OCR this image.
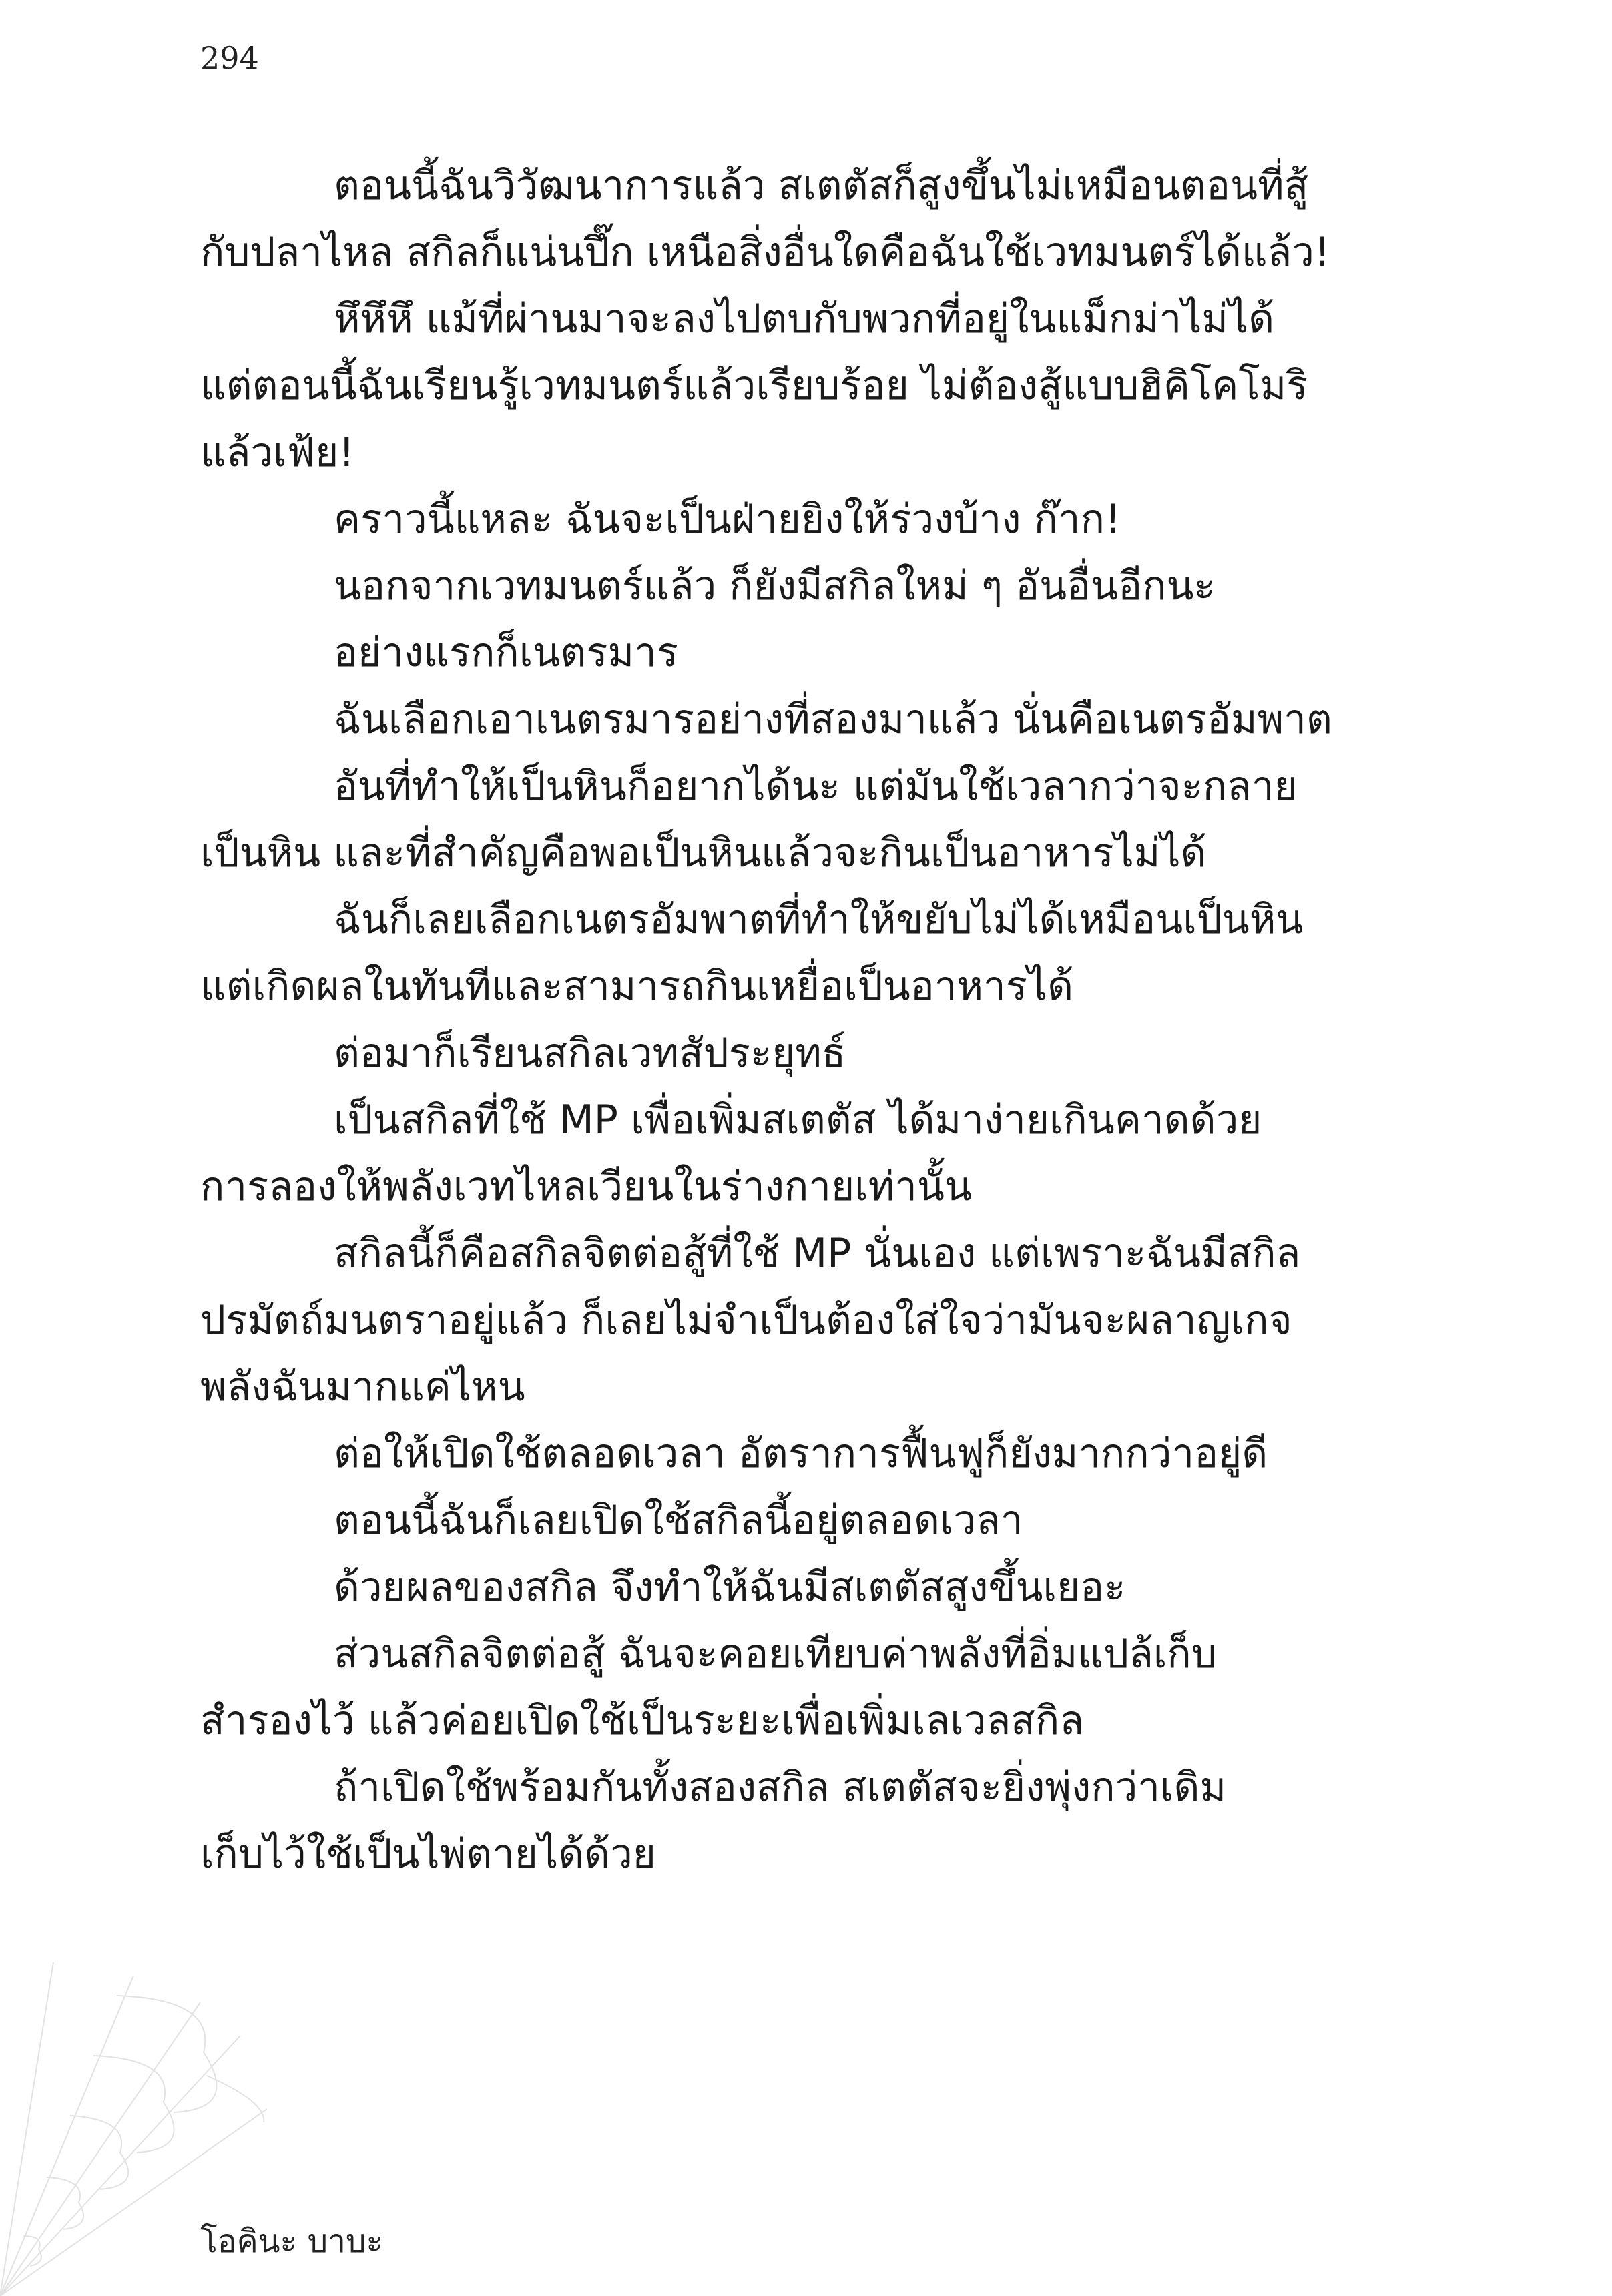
294
ตอนนี้ฉันวิวัฒนาการแล้ว สเตตัสก็สูงขึ้นไม่เหมือนตอนที่สู้
กับปลาไหล สกิลก็แน่นปึ๊ก เหนือสิ่งอื่นใดคือฉันใช้เวทมนตร์ได้แล้ว!
หึหึหึ แม้ที่ผ่านมาจะลงไปตบกับพวกที่อยู่ในแม็กม่าไม่ได้
แต่ตอนนี้ฉันเรียนรู้เวทมนตร์แล้วเรียบร้อย ไม่ต้องสู้แบบฮิคิโคโมริ
แล้วเฟ้ย!
คราวนี้แหละ ฉันจะเป็นฝ่ายยิงให้ร่วงบ้าง ก๊าก!
นอกจากเวทมนตร์แล้ว ก็ยังมีสกิลใหม่ ๆ อันอื่นอีกนะ
อย่างแรกก็เนตรมาร
ฉันเลือกเอาเนตรมารอย่างที่สองมาแล้ว นั่นคือเนตรอัมพาต
อันที่ทำให้เป็นหินก็อยากได้นะ แต่มันใช้เวลากว่าจะกลาย
เป็นหิน และที่สำคัญคือพอเป็นหินแล้วจะกินเป็นอาหารไม่ได้
ฉันก็เลยเลือกเนตรอัมพาตที่ทำให้ขยับไม่ได้เหมือนเป็นหิน
แต่เกิดผลในทันทีและสามารถกินเหยื่อเป็นอาหารได้
ต่อมาก็เรียนสกิลเวทสัประยุทธ์
เป็นสกิลที่ใช้ MP เพื่อเพิ่มสเตตัส ได้มาง่ายเกินคาดด้วย
การลองให้พลังเวทไหลเวียนในร่างกายเท่านั้น
สกิลนี้ก็คือสกิลจิตต่อสู้ที่ใช้ MP นั่นเอง แต่เพราะฉันมีสกิล
ปรมัตถ์มนตราอยู่แล้ว ก็เลยไม่จำเป็นต้องใส่ใจว่ามันจะผลาญเกจ
พลังฉันมากแค่ไหน
ต่อให้เปิดใช้ตลอดเวลา อัตราการฟื้นฟูก็ยังมากกว่าอยู่ดี
ตอนนี้ฉันก็เลยเปิดใช้สกิลนี้อยู่ตลอดเวลา
ด้วยผลของสกิล จึงทำให้ฉันมีสเตตัสสูงขึ้นเยอะ
ส่วนสกิลจิตต่อสู้ ฉันจะคอยเทียบค่าพลังที่อิ่มแปล้เก็บ
สำรองไว้ แล้วค่อยเปิดใช้เป็นระยะเพื่อเพิ่มเลเวลสกิล
ถ้าเปิดใช้พร้อมกันทั้งสองสกิล สเตตัสจะยิ่งพุ่งกว่าเดิม
เก็บไว้ใช้เป็นไพ่ตายได้ด้วย
โอคินะ บาบะ
